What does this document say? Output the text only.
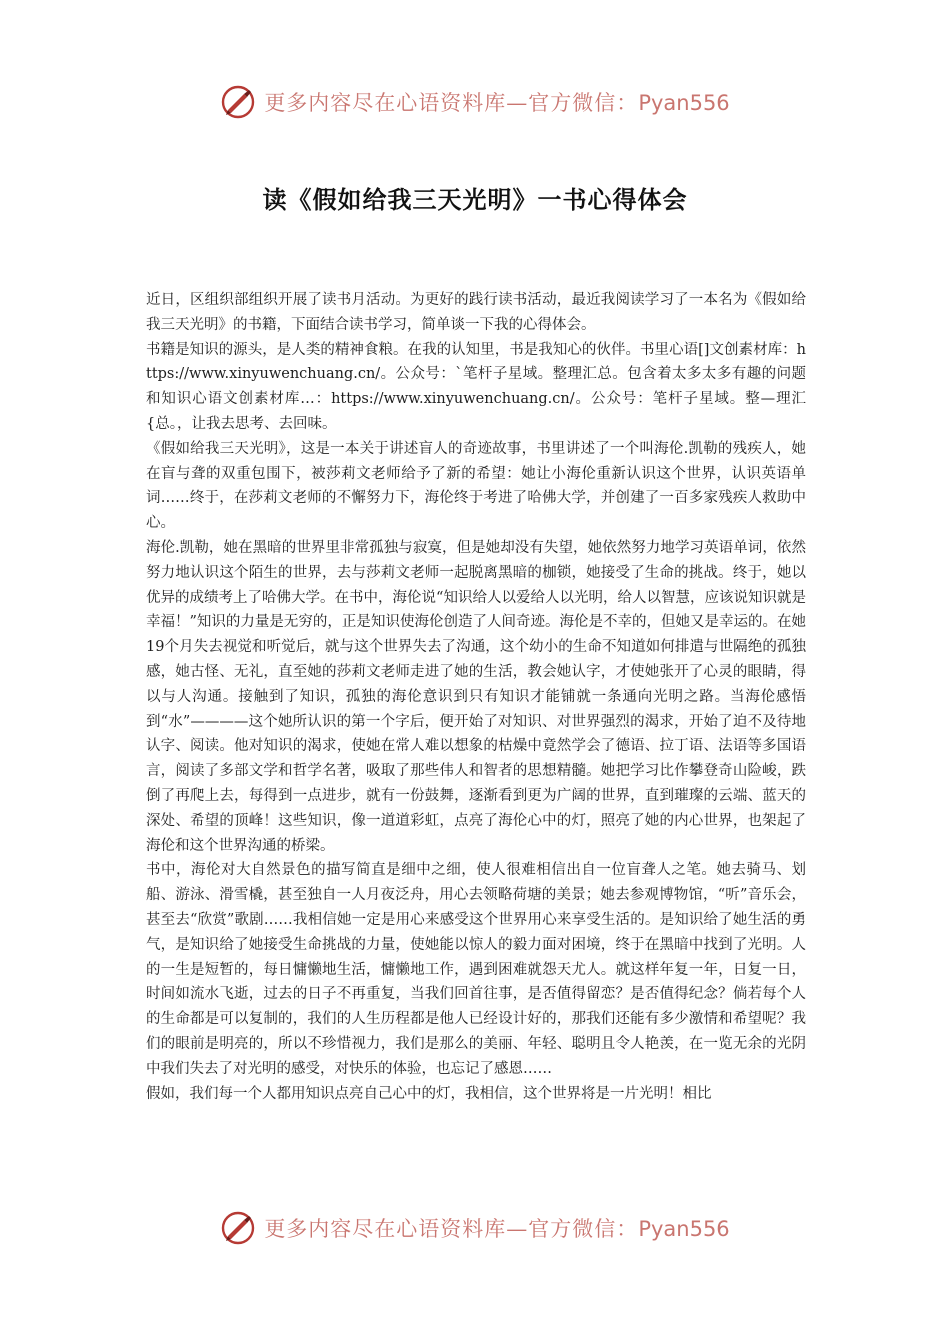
更多内容尽在心语资料库—官方微信：Pyan556
读《假如给我三天光明》一书心得体会

近日，区组织部组织开展了读书月活动。为更好的践行读书活动，最近我阅读学习了一本名为《假如给我三天光明》的书籍，下面结合读书学习，简单谈一下我的心得体会。

书籍是知识的源头，是人类的精神食粮。在我的认知里，书是我知心的伙伴。书里心语[]文创素材库：https://www.xinyuwenchuang.cn/。公众号：`笔杆子星域。整理汇总。包含着太多太多有趣的问题和知识心语文创素材库…：https://www.xinyuwenchuang.cn/。公众号：笔杆子星域。整—理汇{总。，让我去思考、去回味。

《假如给我三天光明》，这是一本关于讲述盲人的奇迹故事，书里讲述了一个叫海伦.凯勒的残疾人，她在盲与聋的双重包围下，被莎莉文老师给予了新的希望：她让小海伦重新认识这个世界，认识英语单词……终于，在莎莉文老师的不懈努力下，海伦终于考进了哈佛大学，并创建了一百多家残疾人救助中心。

海伦.凯勒，她在黑暗的世界里非常孤独与寂寞，但是她却没有失望，她依然努力地学习英语单词，依然努力地认识这个陌生的世界，去与莎莉文老师一起脱离黑暗的枷锁，她接受了生命的挑战。终于，她以优异的成绩考上了哈佛大学。在书中，海伦说“知识给人以爱给人以光明，给人以智慧，应该说知识就是幸福！”知识的力量是无穷的，正是知识使海伦创造了人间奇迹。海伦是不幸的，但她又是幸运的。在她19个月失去视觉和听觉后，就与这个世界失去了沟通，这个幼小的生命不知道如何排遣与世隔绝的孤独感，她古怪、无礼，直至她的莎莉文老师走进了她的生活，教会她认字，才使她张开了心灵的眼睛，得以与人沟通。接触到了知识，孤独的海伦意识到只有知识才能铺就一条通向光明之路。当海伦感悟到“水”————这个她所认识的第一个字后，便开始了对知识、对世界强烈的渴求，开始了迫不及待地认字、阅读。他对知识的渴求，使她在常人难以想象的枯燥中竟然学会了德语、拉丁语、法语等多国语言，阅读了多部文学和哲学名著，吸取了那些伟人和智者的思想精髓。她把学习比作攀登奇山险峻，跌倒了再爬上去，每得到一点进步，就有一份鼓舞，逐渐看到更为广阔的世界，直到璀璨的云端、蓝天的深处、希望的顶峰！这些知识，像一道道彩虹，点亮了海伦心中的灯，照亮了她的内心世界，也架起了海伦和这个世界沟通的桥梁。

书中，海伦对大自然景色的描写简直是细中之细，使人很难相信出自一位盲聋人之笔。她去骑马、划船、游泳、滑雪橇，甚至独自一人月夜泛舟，用心去领略荷塘的美景；她去参观博物馆，“听”音乐会，甚至去“欣赏”歌剧……我相信她一定是用心来感受这个世界用心来享受生活的。是知识给了她生活的勇气，是知识给了她接受生命挑战的力量，使她能以惊人的毅力面对困境，终于在黑暗中找到了光明。人的一生是短暂的，每日慵懒地生活，慵懒地工作，遇到困难就怨天尤人。就这样年复一年，日复一日，时间如流水飞逝，过去的日子不再重复，当我们回首往事，是否值得留恋？是否值得纪念？倘若每个人的生命都是可以复制的，我们的人生历程都是他人已经设计好的，那我们还能有多少激情和希望呢？我们的眼前是明亮的，所以不珍惜视力，我们是那么的美丽、年轻、聪明且令人艳羡，在一览无余的光阴中我们失去了对光明的感受，对快乐的体验，也忘记了感恩……

假如，我们每一个人都用知识点亮自己心中的灯，我相信，这个世界将是一片光明！相比

更多内容尽在心语资料库—官方微信：Pyan556
